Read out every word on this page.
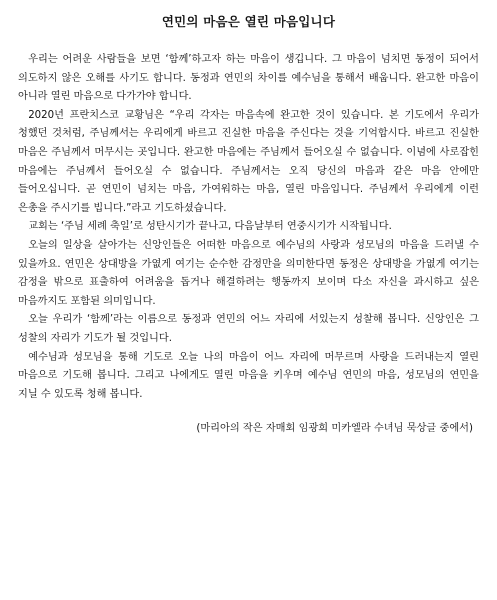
연민의 마음은 열린 마음입니다

우리는 어려운 사람들을 보면 ‘함께’하고자 하는 마음이 생깁니다. 그 마음이 넘치면 동정이 되어서 의도하지 않은 오해를 사기도 합니다. 동정과 연민의 차이를 예수님을 통해서 배웁니다. 완고한 마음이 아니라 열린 마음으로 다가가야 합니다.

2020년 프란치스코 교황님은 “우리 각자는 마음속에 완고한 것이 있습니다. 본 기도에서 우리가 청했던 것처럼, 주님께서는 우리에게 바르고 진실한 마음을 주신다는 것을 기억합시다. 바르고 진실한 마음은 주님께서 머무시는 곳입니다. 완고한 마음에는 주님께서 들어오실 수 없습니다. 이념에 사로잡힌 마음에는 주님께서 들어오실 수 없습니다. 주님께서는 오직 당신의 마음과 같은 마음 안에만 들어오십니다. 곧 연민이 넘치는 마음, 가여워하는 마음, 열린 마음입니다. 주님께서 우리에게 이런 은총을 주시기를 빕니다.”라고 기도하셨습니다.

교회는 ‘주님 세례 축일’로 성탄시기가 끝나고, 다음날부터 연중시기가 시작됩니다.

오늘의 일상을 살아가는 신앙인들은 어떠한 마음으로 예수님의 사랑과 성모님의 마음을 드러낼 수 있을까요. 연민은 상대방을 가엾게 여기는 순수한 감정만을 의미한다면 동정은 상대방을 가엾게 여기는 감정을 밖으로 표출하여 어려움을 돕거나 해결하려는 행동까지 보이며 다소 자신을 과시하고 싶은 마음까지도 포함된 의미입니다.

오늘 우리가 ‘함께’라는 이름으로 동정과 연민의 어느 자리에 서있는지 성찰해 봅니다. 신앙인은 그 성찰의 자리가 기도가 될 것입니다.

예수님과 성모님을 통해 기도로 오늘 나의 마음이 어느 자리에 머무르며 사랑을 드러내는지 열린 마음으로 기도해 봅니다. 그리고 나에게도 열린 마음을 키우며 예수님 연민의 마음, 성모님의 연민을 지닐 수 있도록 청해 봅니다.

(마리아의 작은 자매회 임광희 미카엘라 수녀님 묵상글 중에서)
